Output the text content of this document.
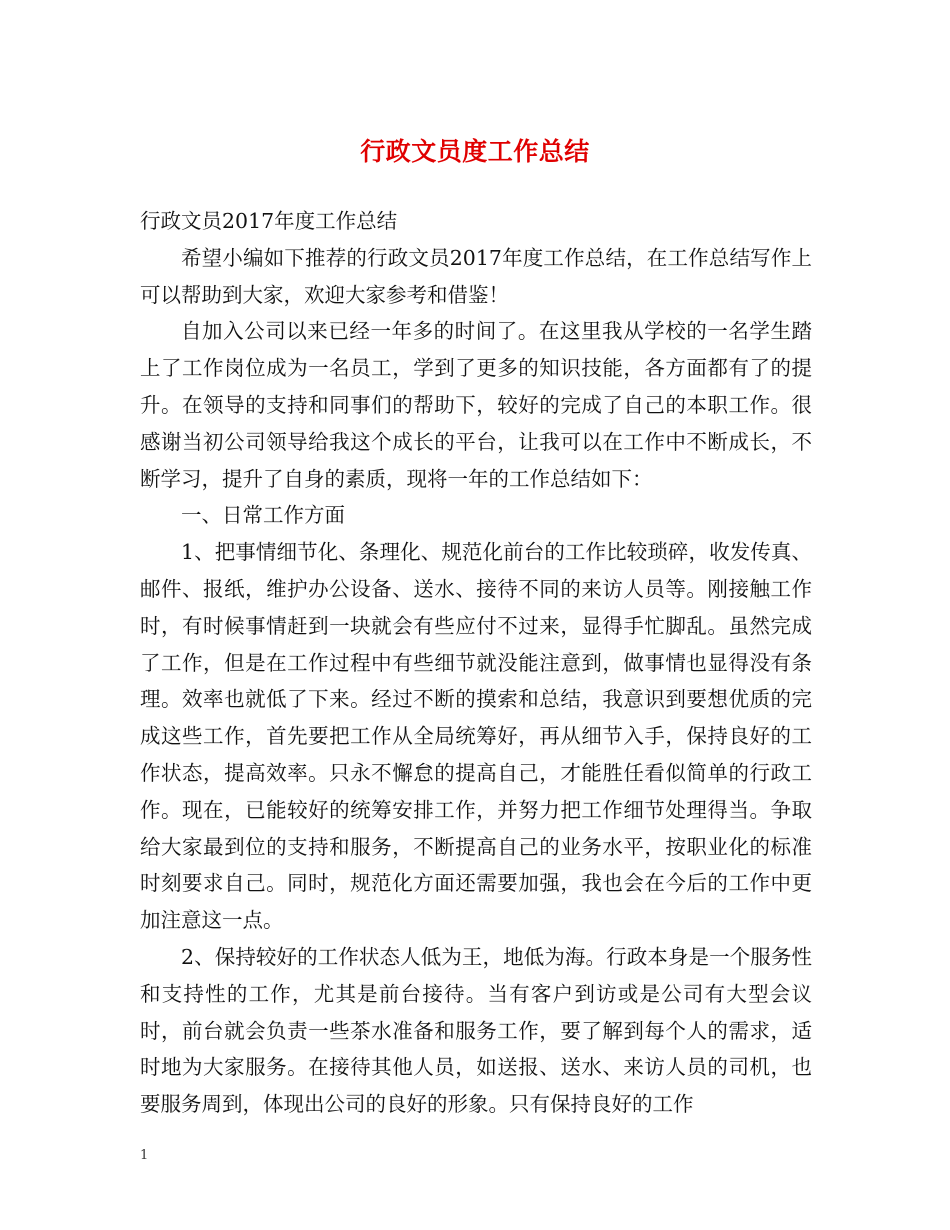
行政文员度工作总结

行政文员2017年度工作总结

希望小编如下推荐的行政文员2017年度工作总结，在工作总结写作上可以帮助到大家，欢迎大家参考和借鉴！

自加入公司以来已经一年多的时间了。在这里我从学校的一名学生踏上了工作岗位成为一名员工，学到了更多的知识技能，各方面都有了的提升。在领导的支持和同事们的帮助下，较好的完成了自己的本职工作。很感谢当初公司领导给我这个成长的平台，让我可以在工作中不断成长，不断学习，提升了自身的素质，现将一年的工作总结如下：

一、日常工作方面

1、把事情细节化、条理化、规范化前台的工作比较琐碎，收发传真、邮件、报纸，维护办公设备、送水、接待不同的来访人员等。刚接触工作时，有时候事情赶到一块就会有些应付不过来，显得手忙脚乱。虽然完成了工作，但是在工作过程中有些细节就没能注意到，做事情也显得没有条理。效率也就低了下来。经过不断的摸索和总结，我意识到要想优质的完成这些工作，首先要把工作从全局统筹好，再从细节入手，保持良好的工作状态，提高效率。只永不懈怠的提高自己，才能胜任看似简单的行政工作。现在，已能较好的统筹安排工作，并努力把工作细节处理得当。争取给大家最到位的支持和服务，不断提高自己的业务水平，按职业化的标准时刻要求自己。同时，规范化方面还需要加强，我也会在今后的工作中更加注意这一点。

2、保持较好的工作状态人低为王，地低为海。行政本身是一个服务性和支持性的工作，尤其是前台接待。当有客户到访或是公司有大型会议时，前台就会负责一些茶水准备和服务工作，要了解到每个人的需求，适时地为大家服务。在接待其他人员，如送报、送水、来访人员的司机，也要服务周到，体现出公司的良好的形象。只有保持良好的工作

1
